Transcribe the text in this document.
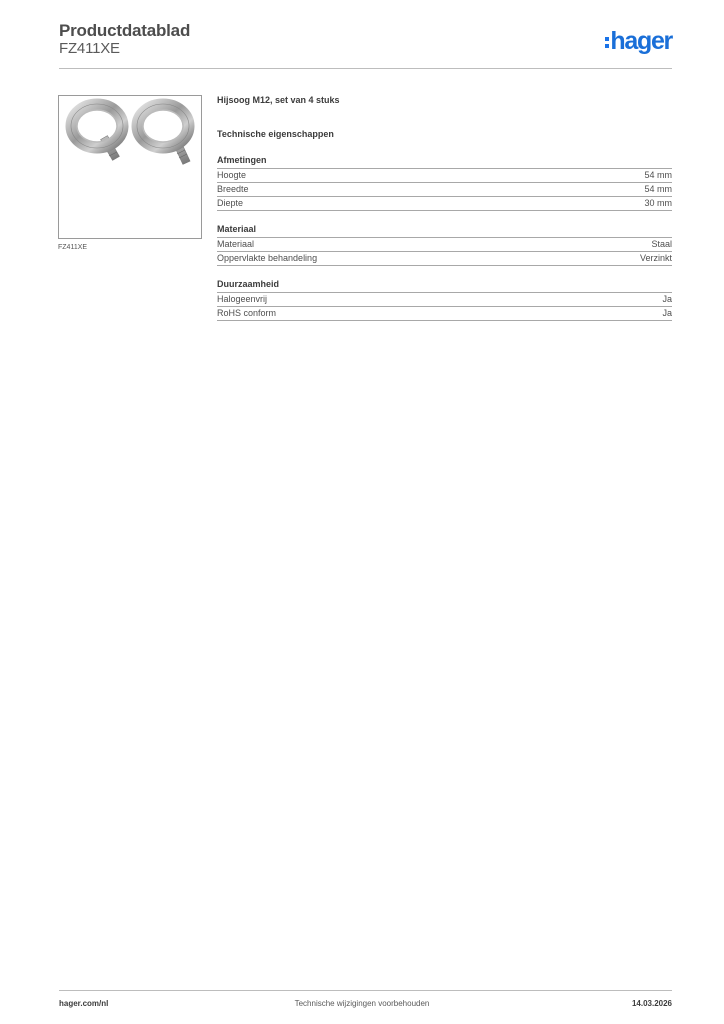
Productdatablad
FZ411XE	hager
FZ411XE
Hijsoog M12, set van 4 stuks
Technische eigenschappen
Afmetingen
Hoogte	54 mm
Breedte	54 mm
Diepte	30 mm
Materiaal
Materiaal	Staal
Oppervlakte behandeling	Verzinkt
Duurzaamheid
Halogeenvrij	Ja
RoHS conform	Ja
hager.com/nl	Technische wijzigingen voorbehouden	14.03.2026
